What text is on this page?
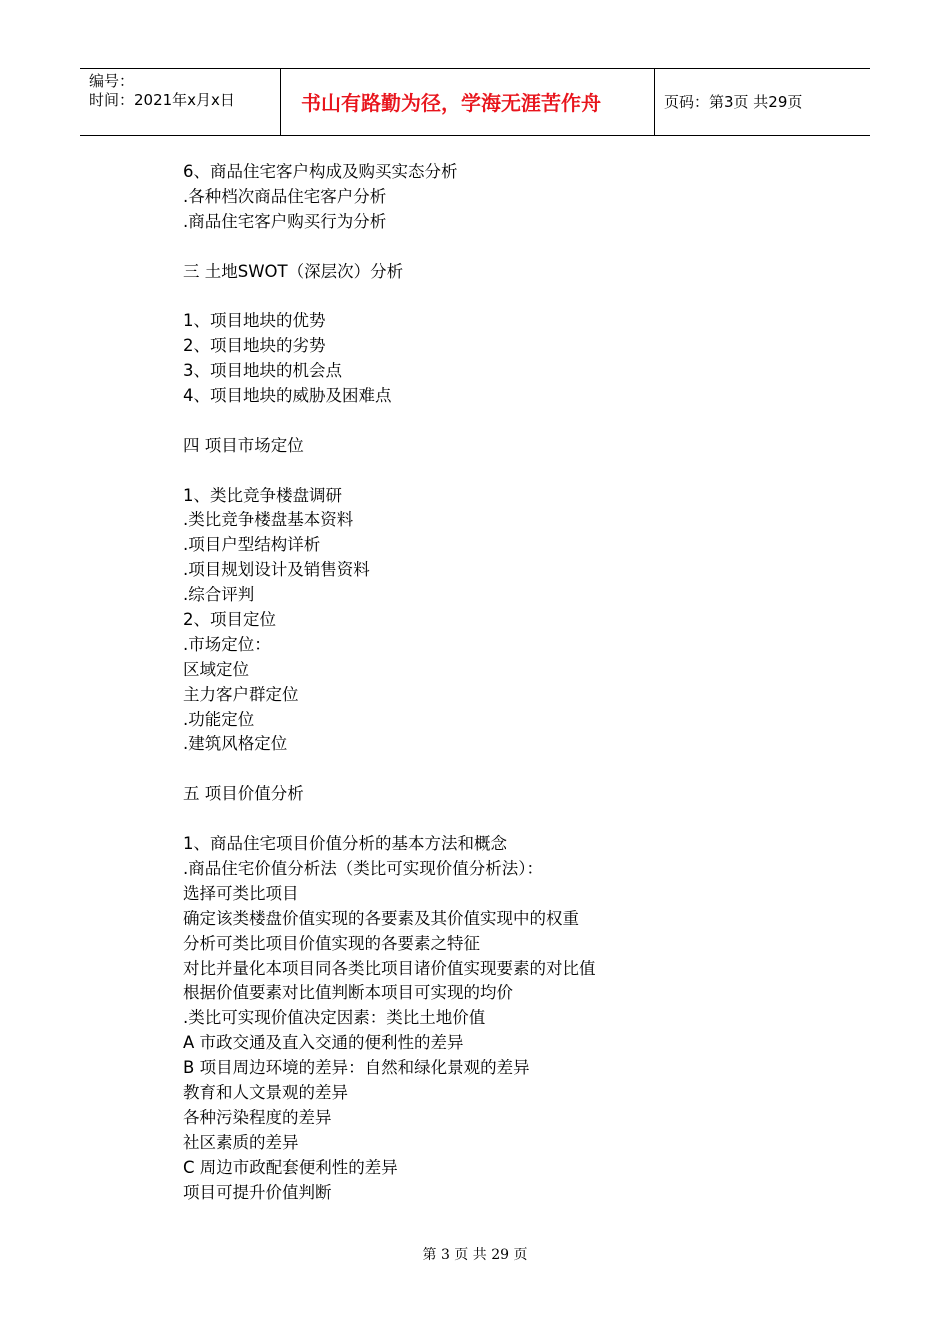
编号：
时间：2021年x月x日	书山有路勤为径，学海无涯苦作舟	页码：第3页 共29页
6、商品住宅客户构成及购买实态分析
.各种档次商品住宅客户分析
.商品住宅客户购买行为分析
三 土地SWOT（深层次）分析
1、项目地块的优势
2、项目地块的劣势
3、项目地块的机会点
4、项目地块的威胁及困难点
四 项目市场定位
1、类比竞争楼盘调研
.类比竞争楼盘基本资料
.项目户型结构详析
.项目规划设计及销售资料
.综合评判
2、项目定位
.市场定位：
区域定位
主力客户群定位
.功能定位
.建筑风格定位
五 项目价值分析
1、商品住宅项目价值分析的基本方法和概念
.商品住宅价值分析法（类比可实现价值分析法）：
选择可类比项目
确定该类楼盘价值实现的各要素及其价值实现中的权重
分析可类比项目价值实现的各要素之特征
对比并量化本项目同各类比项目诸价值实现要素的对比值
根据价值要素对比值判断本项目可实现的均价
.类比可实现价值决定因素：类比土地价值
A 市政交通及直入交通的便利性的差异
B 项目周边环境的差异：自然和绿化景观的差异
教育和人文景观的差异
各种污染程度的差异
社区素质的差异
C 周边市政配套便利性的差异
项目可提升价值判断
第 3 页 共 29 页
